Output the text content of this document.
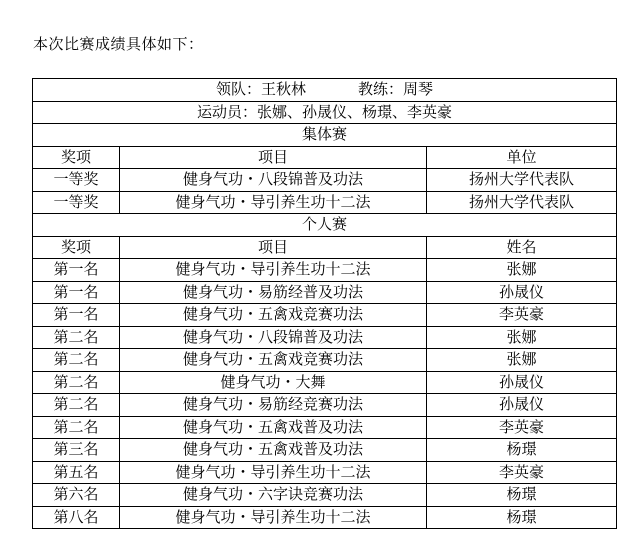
本次比赛成绩具体如下：
领队：王秋林 教练：周琴		
运动员：张娜、孙晟仪、杨璟、李英豪		
集体赛		
奖项	项目	单位
一等奖	健身气功・八段锦普及功法	扬州大学代表队
一等奖	健身气功・导引养生功十二法	扬州大学代表队
个人赛		
奖项	项目	姓名
第一名	健身气功・导引养生功十二法	张娜
第一名	健身气功・易筋经普及功法	孙晟仪
第一名	健身气功・五禽戏竞赛功法	李英豪
第二名	健身气功・八段锦普及功法	张娜
第二名	健身气功・五禽戏竞赛功法	张娜
第二名	健身气功・大舞	孙晟仪
第二名	健身气功・易筋经竞赛功法	孙晟仪
第二名	健身气功・五禽戏普及功法	李英豪
第三名	健身气功・五禽戏普及功法	杨璟
第五名	健身气功・导引养生功十二法	李英豪
第六名	健身气功・六字诀竞赛功法	杨璟
第八名	健身气功・导引养生功十二法	杨璟
